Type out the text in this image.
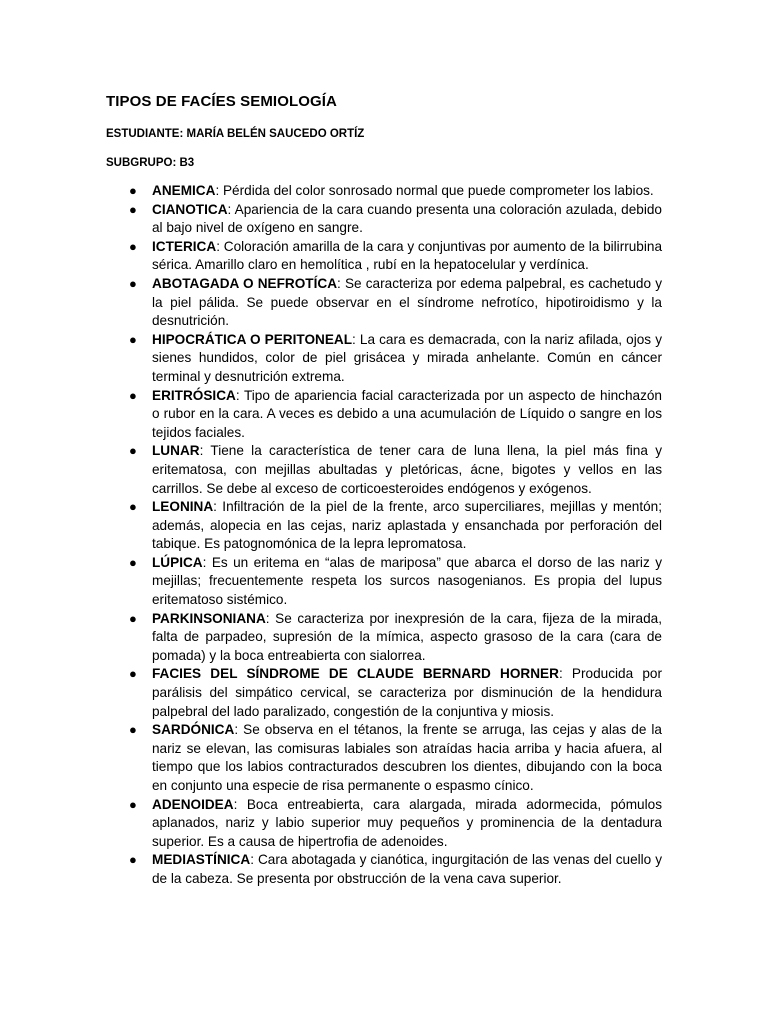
TIPOS DE FACÍES SEMIOLOGÍA
ESTUDIANTE: MARÍA BELÉN SAUCEDO ORTÍZ
SUBGRUPO: B3
●	ANEMICA: Pérdida del color sonrosado normal que puede comprometer los labios.
●	CIANOTICA: Apariencia de la cara cuando presenta una coloración azulada, debido al bajo nivel de oxígeno en sangre.
●	ICTERICA: Coloración amarilla de la cara y conjuntivas por aumento de la bilirrubina sérica. Amarillo claro en hemolítica , rubí en la hepatocelular y verdínica.
●	ABOTAGADA O NEFROTÍCA: Se caracteriza por edema palpebral, es cachetudo y la piel pálida. Se puede observar en el síndrome nefrotíco, hipotiroidismo y la desnutrición.
●	HIPOCRÁTICA O PERITONEAL: La cara es demacrada, con la nariz afilada, ojos y sienes hundidos, color de piel grisácea y mirada anhelante. Común en cáncer terminal y desnutrición extrema.
●	ERITRÓSICA: Tipo de apariencia facial caracterizada por un aspecto de hinchazón o rubor en la cara. A veces es debido a una acumulación de Líquido o sangre en los tejidos faciales.
●	LUNAR: Tiene la característica de tener cara de luna llena, la piel más fina y eritematosa, con mejillas abultadas y pletóricas, ácne, bigotes y vellos en las carrillos. Se debe al exceso de corticoesteroides endógenos y exógenos.
●	LEONINA: Infiltración de la piel de la frente, arco superciliares, mejillas y mentón; además, alopecia en las cejas, nariz aplastada y ensanchada por perforación del tabique. Es patognomónica de la lepra lepromatosa.
●	LÚPICA: Es un eritema en “alas de mariposa” que abarca el dorso de las nariz y mejillas; frecuentemente respeta los surcos nasogenianos. Es propia del lupus eritematoso sistémico.
●	PARKINSONIANA: Se caracteriza por inexpresión de la cara, fijeza de la mirada, falta de parpadeo, supresión de la mímica, aspecto grasoso de la cara (cara de pomada) y la boca entreabierta con sialorrea.
●	FACIES DEL SÍNDROME DE CLAUDE BERNARD HORNER: Producida por parálisis del simpático cervical, se caracteriza por disminución de la hendidura palpebral del lado paralizado, congestión de la conjuntiva y miosis.
●	SARDÓNICA: Se observa en el tétanos, la frente se arruga, las cejas y alas de la nariz se elevan, las comisuras labiales son atraídas hacia arriba y hacia afuera, al tiempo que los labios contracturados descubren los dientes, dibujando con la boca en conjunto una especie de risa permanente o espasmo cínico.
●	ADENOIDEA: Boca entreabierta, cara alargada, mirada adormecida, pómulos aplanados, nariz y labio superior muy pequeños y prominencia de la dentadura superior. Es a causa de hipertrofia de adenoides.
●	MEDIASTÍNICA: Cara abotagada y cianótica, ingurgitación de las venas del cuello y de la cabeza. Se presenta por obstrucción de la vena cava superior.
